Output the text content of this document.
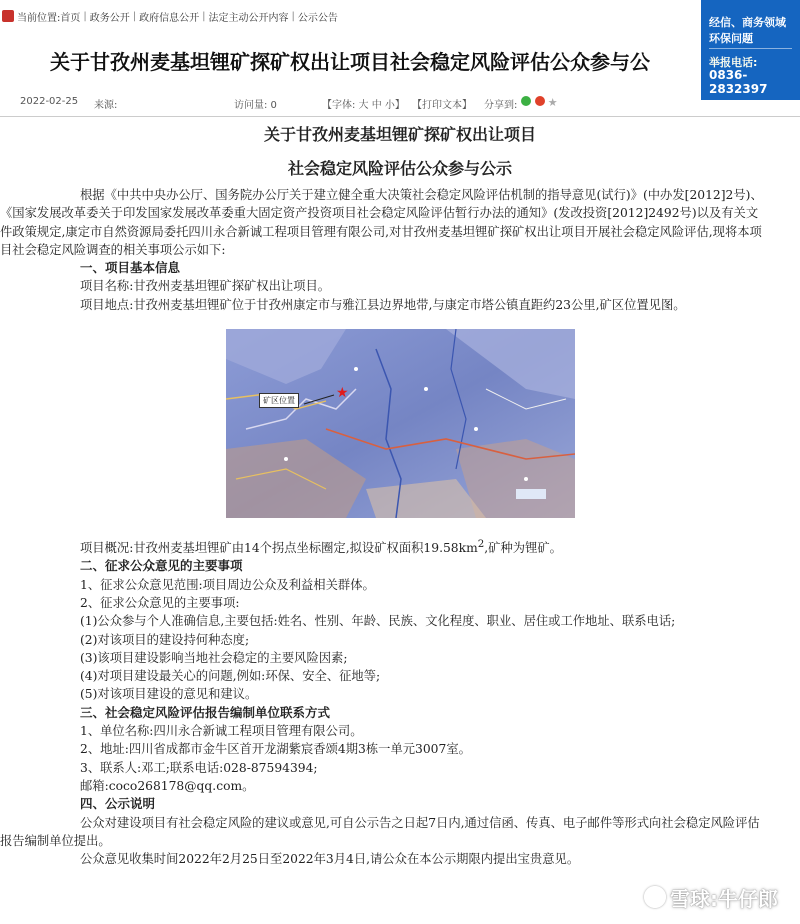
当前位置: 首页 | 政务公开 | 政府信息公开 | 法定主动公开内容 | 公示公告	经信、商务领域
环保问题
举报电话:
0836-2832397
关于甘孜州麦基坦锂矿探矿权出让项目社会稳定风险评估公众参与公
2022-02-25	来源:	访问量: 0	【字体: 大 中 小】 【打印文本】	分享到:	★
关于甘孜州麦基坦锂矿探矿权出让项目
社会稳定风险评估公众参与公示

根据《中共中央办公厅、国务院办公厅关于建立健全重大决策社会稳定风险评估机制的指导意见(试行)》(中办发[2012]2号)、《国家发展改革委关于印发国家发展改革委重大固定资产投资项目社会稳定风险评估暂行办法的通知》(发改投资[2012]2492号)以及有关文件政策规定,康定市自然资源局委托四川永合新诚工程项目管理有限公司,对甘孜州麦基坦锂矿探矿权出让项目开展社会稳定风险评估,现将本项目社会稳定风险调查的相关事项公示如下:

一、项目基本信息

项目名称:甘孜州麦基坦锂矿探矿权出让项目。

项目地点:甘孜州麦基坦锂矿位于甘孜州康定市与雅江县边界地带,与康定市塔公镇直距约23公里,矿区位置见图。

矿区位置	★

项目概况:甘孜州麦基坦锂矿由14个拐点坐标圈定,拟设矿权面积$19.58km^2$,矿种为锂矿。

二、征求公众意见的主要事项

1、征求公众意见范围:项目周边公众及利益相关群体。

2、征求公众意见的主要事项:

(1)公众参与个人准确信息,主要包括:姓名、性别、年龄、民族、文化程度、职业、居住或工作地址、联系电话;

(2)对该项目的建设持何种态度;

(3)该项目建设影响当地社会稳定的主要风险因素;

(4)对项目建设最关心的问题,例如:环保、安全、征地等;

(5)对该项目建设的意见和建议。

三、社会稳定风险评估报告编制单位联系方式

1、单位名称:四川永合新诚工程项目管理有限公司。

2、地址:四川省成都市金牛区首开龙湖紫宸香颂4期3栋一单元3007室。

3、联系人:邓工;联系电话:028-87594394;

邮箱:coco268178@qq.com。

四、公示说明

公众对建设项目有社会稳定风险的建议或意见,可自公示告之日起7日内,通过信函、传真、电子邮件等形式向社会稳定风险评估报告编制单位提出。

公众意见收集时间2022年2月25日至2022年3月4日,请公众在本公示期限内提出宝贵意见。

雪球:牛仔郎
